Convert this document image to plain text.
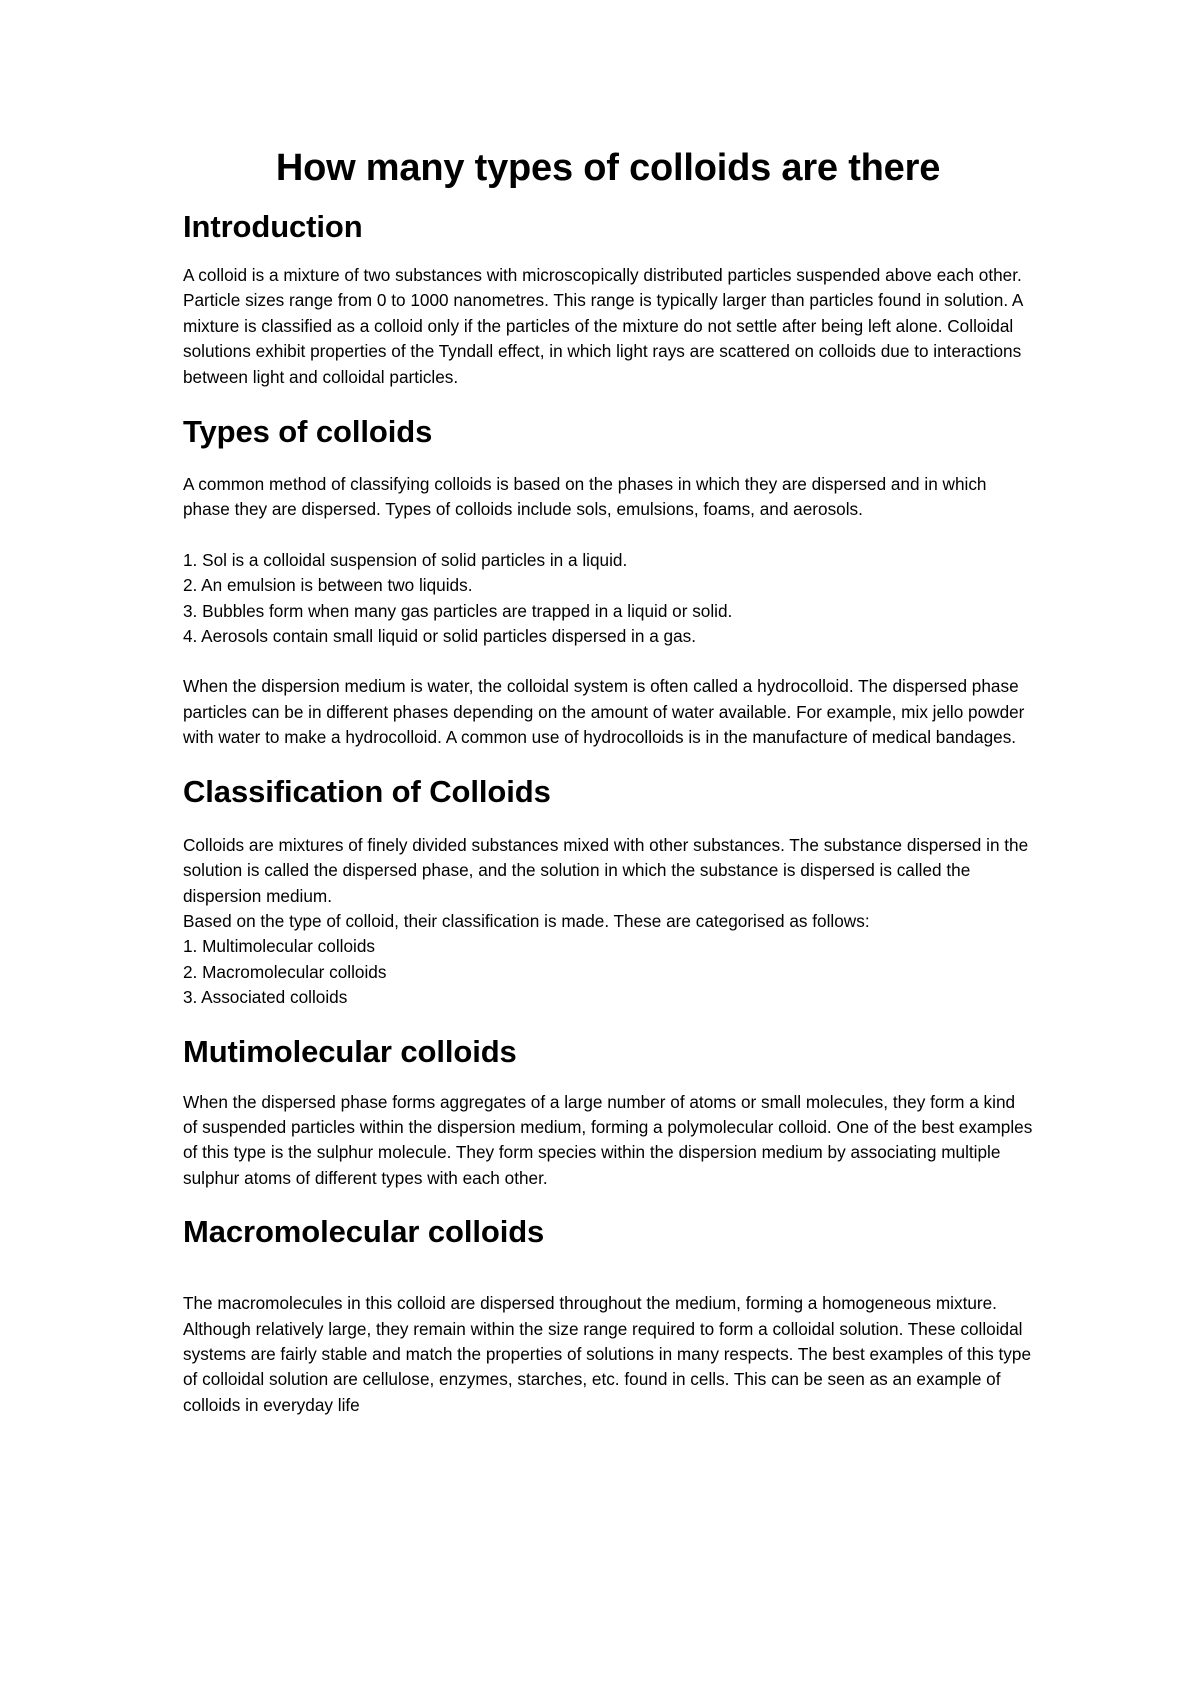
How many types of colloids are there
Introduction

A colloid is a mixture of two substances with microscopically distributed particles suspended above each other. Particle sizes range from 0 to 1000 nanometres. This range is typically larger than particles found in solution. A mixture is classified as a colloid only if the particles of the mixture do not settle after being left alone. Colloidal solutions exhibit properties of the Tyndall effect, in which light rays are scattered on colloids due to interactions between light and colloidal particles.

Types of colloids

A common method of classifying colloids is based on the phases in which they are dispersed and in which phase they are dispersed. Types of colloids include sols, emulsions, foams, and aerosols.

1. Sol is a colloidal suspension of solid particles in a liquid.
2. An emulsion is between two liquids.
3. Bubbles form when many gas particles are trapped in a liquid or solid.
4. Aerosols contain small liquid or solid particles dispersed in a gas.

When the dispersion medium is water, the colloidal system is often called a hydrocolloid. The dispersed phase particles can be in different phases depending on the amount of water available. For example, mix jello powder with water to make a hydrocolloid. A common use of hydrocolloids is in the manufacture of medical bandages.

Classification of Colloids

Colloids are mixtures of finely divided substances mixed with other substances. The substance dispersed in the solution is called the dispersed phase, and the solution in which the substance is dispersed is called the dispersion medium.

Based on the type of colloid, their classification is made. These are categorised as follows:

1. Multimolecular colloids
2. Macromolecular colloids
3. Associated colloids
Mutimolecular colloids

When the dispersed phase forms aggregates of a large number of atoms or small molecules, they form a kind of suspended particles within the dispersion medium, forming a polymolecular colloid. One of the best examples of this type is the sulphur molecule. They form species within the dispersion medium by associating multiple sulphur atoms of different types with each other.

Macromolecular colloids

The macromolecules in this colloid are dispersed throughout the medium, forming a homogeneous mixture. Although relatively large, they remain within the size range required to form a colloidal solution. These colloidal systems are fairly stable and match the properties of solutions in many respects. The best examples of this type of colloidal solution are cellulose, enzymes, starches, etc. found in cells. This can be seen as an example of colloids in everyday life
